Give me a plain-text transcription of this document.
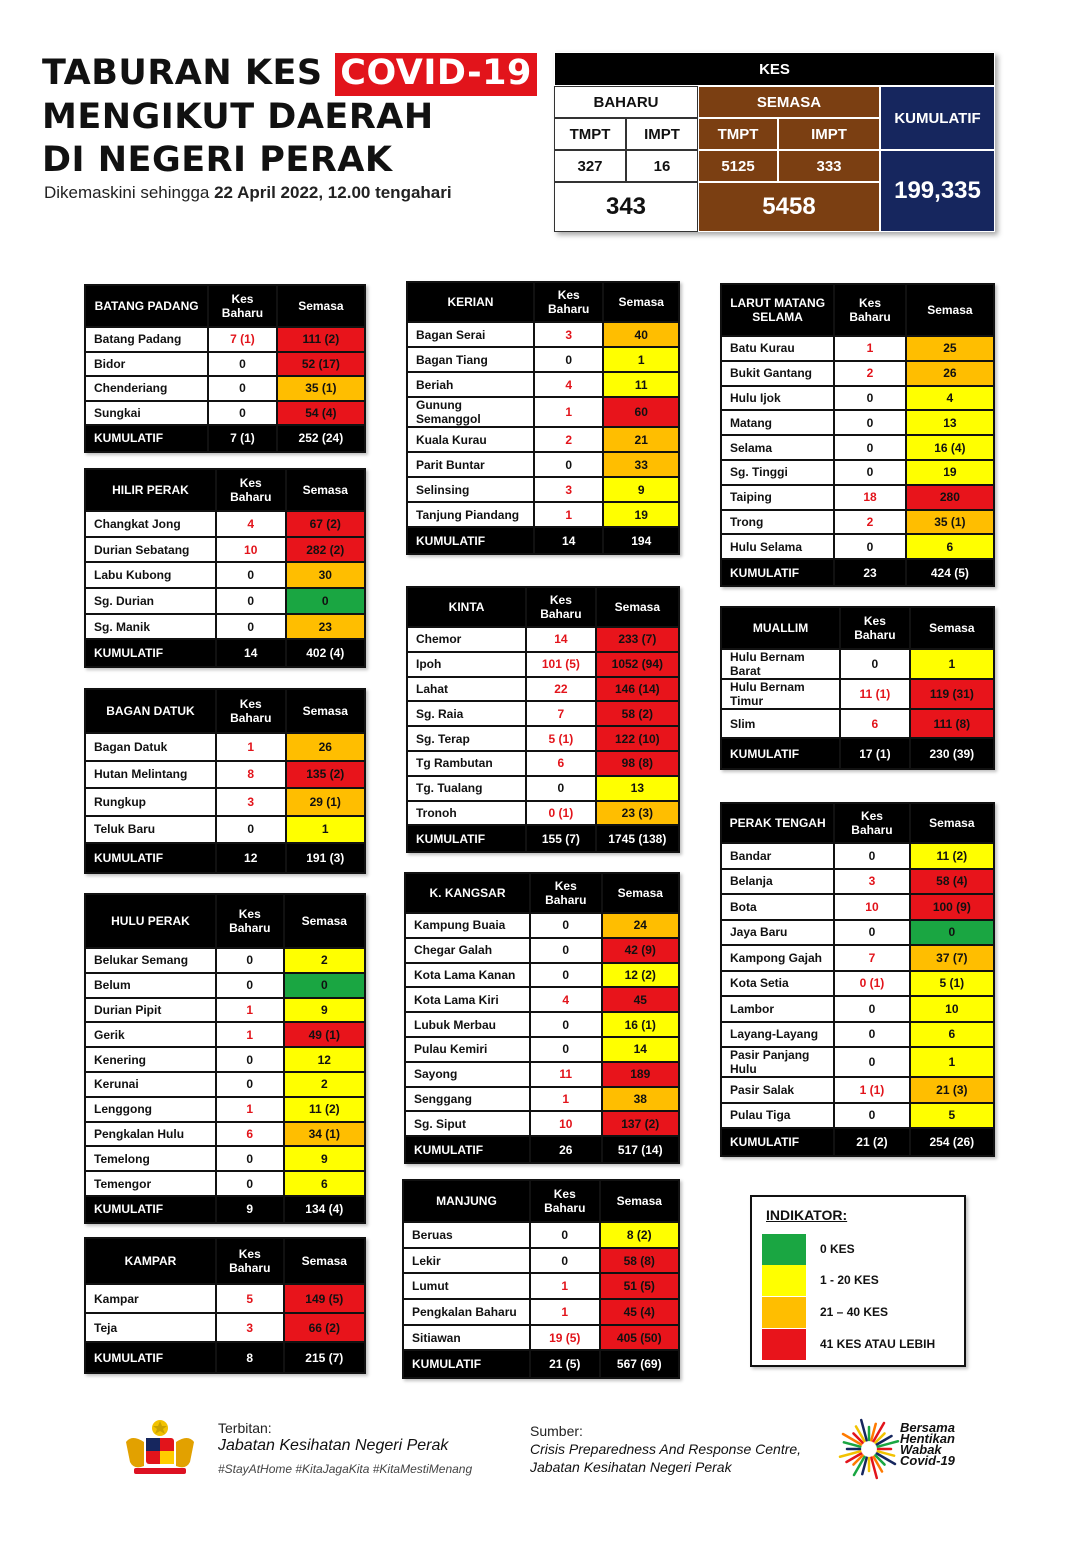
TABURAN KES COVID-19
MENGIKUT DAERAH
DI NEGERI PERAK
Dikemaskini sehingga 22 April 2022, 12.00 tengahari
KES
BAHARU	SEMASA
KUMULATIF
TMPT	IMPT	TMPT	IMPT
327	16	5125	333
199,335
343	5458
BATANG PADANG	Kes Baharu	Semasa
Batang Padang	7 (1)	111 (2)
Bidor	0	52 (17)
Chenderiang	0	35 (1)
Sungkai	0	54 (4)
KUMULATIF	7 (1)	252 (24)
HILIR PERAK	Kes Baharu	Semasa
Changkat Jong	4	67 (2)
Durian Sebatang	10	282 (2)
Labu Kubong	0	30
Sg. Durian	0	0
Sg. Manik	0	23
KUMULATIF	14	402 (4)
BAGAN DATUK	Kes Baharu	Semasa
Bagan Datuk	1	26
Hutan Melintang	8	135 (2)
Rungkup	3	29 (1)
Teluk Baru	0	1
KUMULATIF	12	191 (3)
HULU PERAK	Kes Baharu	Semasa
Belukar Semang	0	2
Belum	0	0
Durian Pipit	1	9
Gerik	1	49 (1)
Kenering	0	12
Kerunai	0	2
Lenggong	1	11 (2)
Pengkalan Hulu	6	34 (1)
Temelong	0	9
Temengor	0	6
KUMULATIF	9	134 (4)
KAMPAR	Kes Baharu	Semasa
Kampar	5	149 (5)
Teja	3	66 (2)
KUMULATIF	8	215 (7)
KERIAN	Kes Baharu	Semasa
Bagan Serai	3	40
Bagan Tiang	0	1
Beriah	4	11
Gunung Semanggol	1	60
Kuala Kurau	2	21
Parit Buntar	0	33
Selinsing	3	9
Tanjung Piandang	1	19
KUMULATIF	14	194
KINTA	Kes Baharu	Semasa
Chemor	14	233 (7)
Ipoh	101 (5)	1052 (94)
Lahat	22	146 (14)
Sg. Raia	7	58 (2)
Sg. Terap	5 (1)	122 (10)
Tg Rambutan	6	98 (8)
Tg. Tualang	0	13
Tronoh	0 (1)	23 (3)
KUMULATIF	155 (7)	1745 (138)
K. KANGSAR	Kes Baharu	Semasa
Kampung Buaia	0	24
Chegar Galah	0	42 (9)
Kota Lama Kanan	0	12 (2)
Kota Lama Kiri	4	45
Lubuk Merbau	0	16 (1)
Pulau Kemiri	0	14
Sayong	11	189
Senggang	1	38
Sg. Siput	10	137 (2)
KUMULATIF	26	517 (14)
MANJUNG	Kes Baharu	Semasa
Beruas	0	8 (2)
Lekir	0	58 (8)
Lumut	1	51 (5)
Pengkalan Baharu	1	45 (4)
Sitiawan	19 (5)	405 (50)
KUMULATIF	21 (5)	567 (69)
LARUT MATANG SELAMA	Kes Baharu	Semasa
Batu Kurau	1	25
Bukit Gantang	2	26
Hulu Ijok	0	4
Matang	0	13
Selama	0	16 (4)
Sg. Tinggi	0	19
Taiping	18	280
Trong	2	35 (1)
Hulu Selama	0	6
KUMULATIF	23	424 (5)
MUALLIM	Kes Baharu	Semasa
Hulu Bernam Barat	0	1
Hulu Bernam Timur	11 (1)	119 (31)
Slim	6	111 (8)
KUMULATIF	17 (1)	230 (39)
PERAK TENGAH	Kes Baharu	Semasa
Bandar	0	11 (2)
Belanja	3	58 (4)
Bota	10	100 (9)
Jaya Baru	0	0
Kampong Gajah	7	37 (7)
Kota Setia	0 (1)	5 (1)
Lambor	0	10
Layang-Layang	0	6
Pasir Panjang Hulu	0	1
Pasir Salak	1 (1)	21 (3)
Pulau Tiga	0	5
KUMULATIF	21 (2)	254 (26)
INDIKATOR:
0 KES
1 - 20 KES
21 – 40 KES
41 KES ATAU LEBIH
Terbitan:
Jabatan Kesihatan Negeri Perak
#StayAtHome #KitaJagaKita #KitaMestiMenang
Sumber:
Crisis Preparedness And Response Centre,
Jabatan Kesihatan Negeri Perak
Bersama
Hentikan
Wabak
Covid-19
